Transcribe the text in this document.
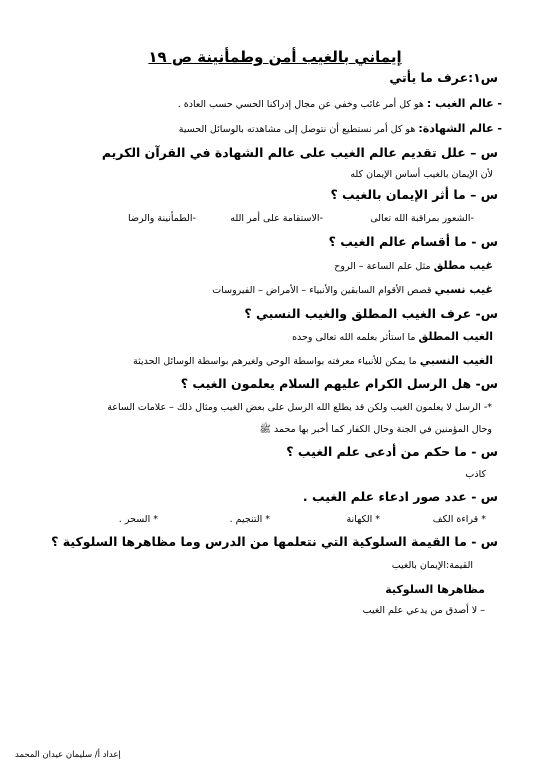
إيماني بالغيب أمن وطمأنينة ص ١٩
س١:عرف ما يأتي
- عالم الغيب : هو كل أمر غائب وخفي عن مجال إدراكنا الحسي حسب العادة .
- عالم الشهادة: هو كل أمر نستطيع أن نتوصل إلى مشاهدته بالوسائل الحسية
س – علل تقديم عالم الغيب على عالم الشهادة في القرآن الكريم
لأن الإيمان بالغيب أساس الإيمان كله
س – ما أثر الإيمان بالغيب ؟
-الشعور بمراقبة الله تعالى
-الاستقامة على أمر الله
-الطمأنينة والرضا
س - ما أقسام عالم الغيب ؟
غيب مطلق مثل علم الساعة – الروح
غيب نسبي قصص الأقوام السابقين والأنبياء – الأمراض – الفيروسات
س- عرف الغيب المطلق والغيب النسبي ؟
الغيب المطلق ما استأثر بعلمه الله تعالى وحده
الغيب النسبي ما يمكن للأنبياء معرفته بواسطة الوحي ولغيرهم بواسطة الوسائل الحديثة
س- هل الرسل الكرام عليهم السلام يعلمون الغيب ؟
*- الرسل لا يعلمون الغيب ولكن قد يطلع الله الرسل على بعض الغيب ومثال ذلك – علامات الساعة
وحال المؤمنين في الجنة وحال الكفار كما أخبر بها محمد ﷺ
س - ما حكم من أدعى علم الغيب ؟
كاذب
س - عدد صور ادعاء علم الغيب .
* قراءة الكف
* الكهانة
* التنجيم .
* السحر .
س - ما القيمة السلوكية التي نتعلمها من الدرس وما مظاهرها السلوكية ؟
القيمة:الإيمان بالغيب
مظاهرها السلوكية
– لا أصدق من يدعي علم الغيب
إعداد أ/ سليمان عيدان المحمد
